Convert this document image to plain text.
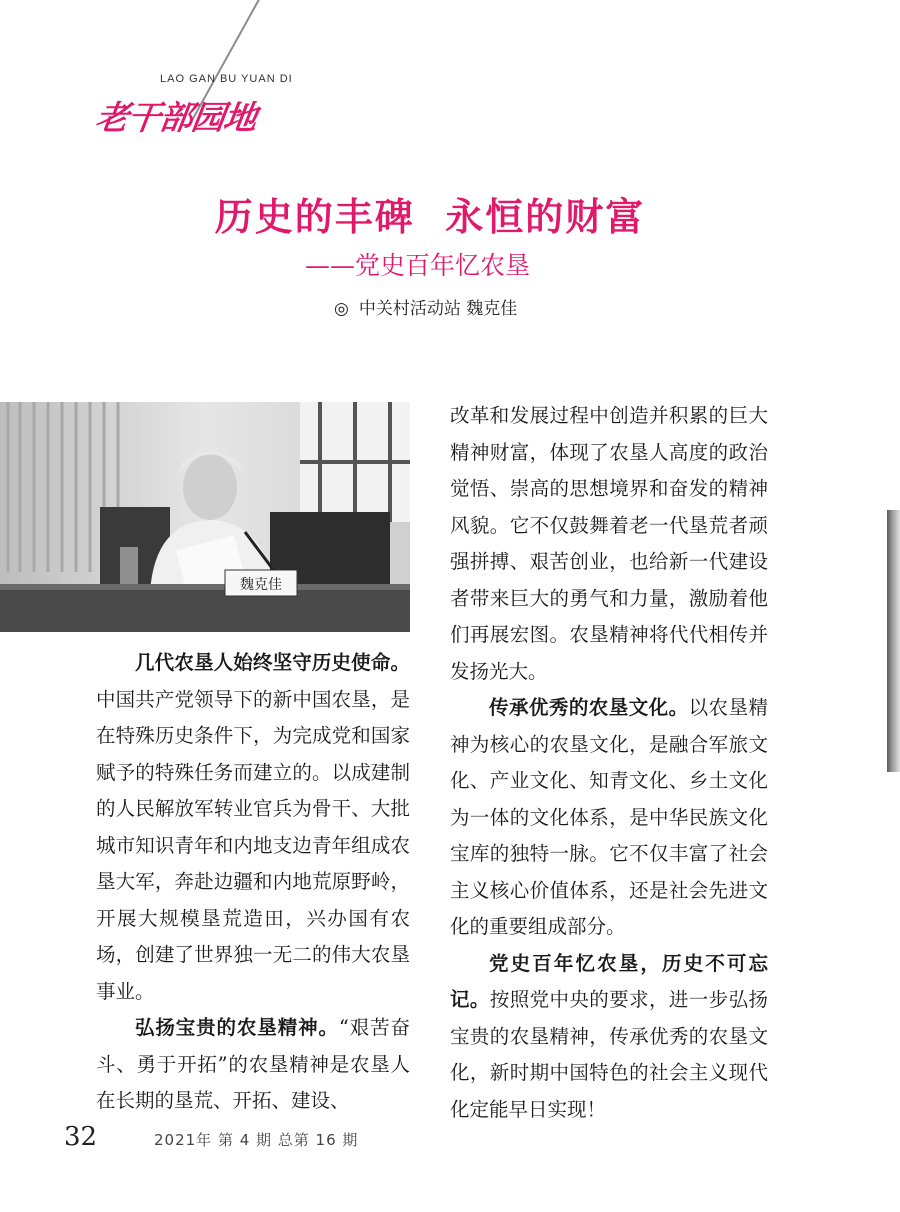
LAO GAN BU YUAN DI
老干部园地
历史的丰碑  永恒的财富
——党史百年忆农垦
◎ 中关村活动站 魏克佳
魏克佳

几代农垦人始终坚守历史使命。中国共产党领导下的新中国农垦，是在特殊历史条件下，为完成党和国家赋予的特殊任务而建立的。以成建制的人民解放军转业官兵为骨干、大批城市知识青年和内地支边青年组成农垦大军，奔赴边疆和内地荒原野岭，开展大规模垦荒造田，兴办国有农场，创建了世界独一无二的伟大农垦事业。

弘扬宝贵的农垦精神。“艰苦奋斗、勇于开拓”的农垦精神是农垦人在长期的垦荒、开拓、建设、

改革和发展过程中创造并积累的巨大精神财富，体现了农垦人高度的政治觉悟、崇高的思想境界和奋发的精神风貌。它不仅鼓舞着老一代垦荒者顽强拼搏、艰苦创业，也给新一代建设者带来巨大的勇气和力量，激励着他们再展宏图。农垦精神将代代相传并发扬光大。

传承优秀的农垦文化。以农垦精神为核心的农垦文化，是融合军旅文化、产业文化、知青文化、乡土文化为一体的文化体系，是中华民族文化宝库的独特一脉。它不仅丰富了社会主义核心价值体系，还是社会先进文化的重要组成部分。

党史百年忆农垦，历史不可忘记。按照党中央的要求，进一步弘扬宝贵的农垦精神，传承优秀的农垦文化，新时期中国特色的社会主义现代化定能早日实现！

32	2021年 第 4 期 总第 16 期
